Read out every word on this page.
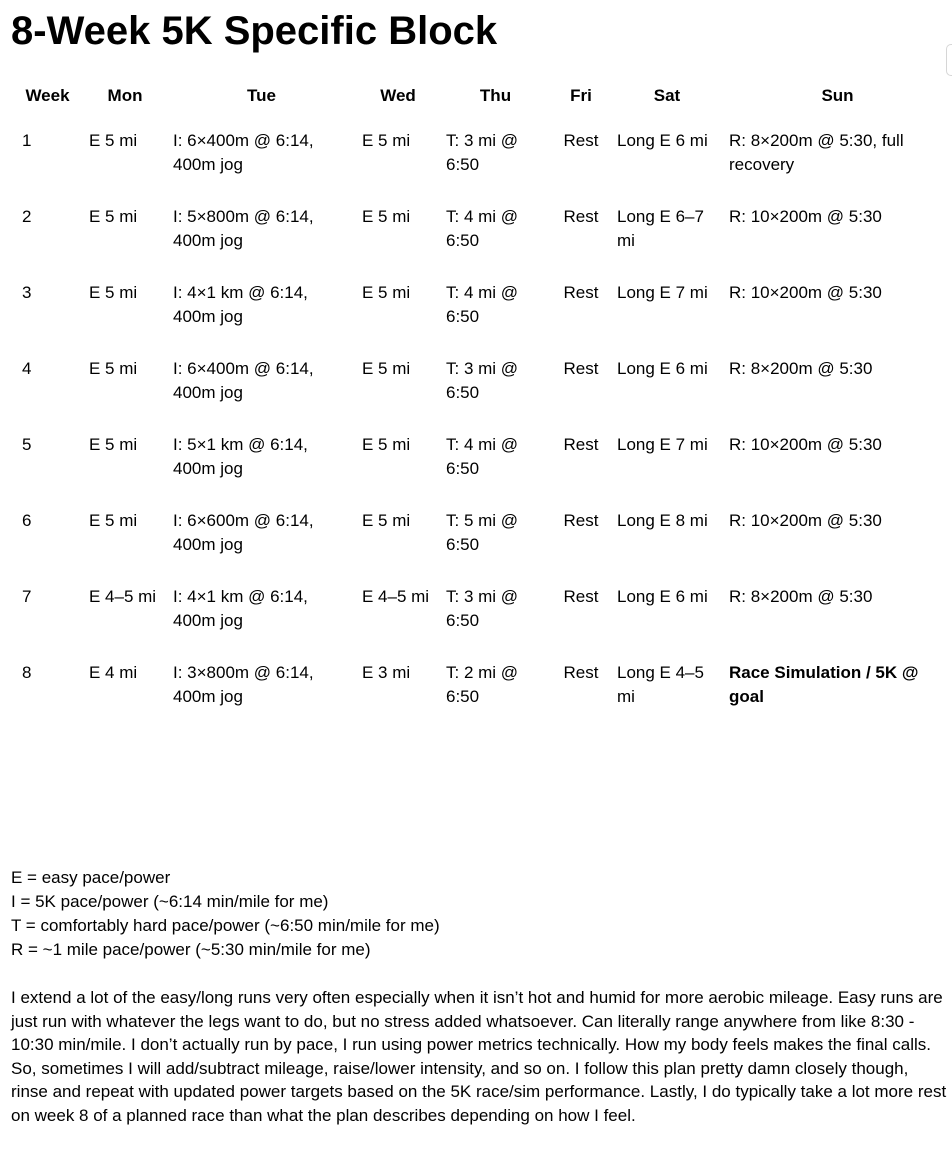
8-Week 5K Specific Block
Week	Mon	Tue	Wed	Thu	Fri	Sat	Sun
1	E 5 mi	I: 6×400m @ 6:14, 400m jog	E 5 mi	T: 3 mi @ 6:50	Rest	Long E 6 mi	R: 8×200m @ 5:30, full recovery
2	E 5 mi	I: 5×800m @ 6:14, 400m jog	E 5 mi	T: 4 mi @ 6:50	Rest	Long E 6–7 mi	R: 10×200m @ 5:30
3	E 5 mi	I: 4×1 km @ 6:14, 400m jog	E 5 mi	T: 4 mi @ 6:50	Rest	Long E 7 mi	R: 10×200m @ 5:30
4	E 5 mi	I: 6×400m @ 6:14, 400m jog	E 5 mi	T: 3 mi @ 6:50	Rest	Long E 6 mi	R: 8×200m @ 5:30
5	E 5 mi	I: 5×1 km @ 6:14, 400m jog	E 5 mi	T: 4 mi @ 6:50	Rest	Long E 7 mi	R: 10×200m @ 5:30
6	E 5 mi	I: 6×600m @ 6:14, 400m jog	E 5 mi	T: 5 mi @ 6:50	Rest	Long E 8 mi	R: 10×200m @ 5:30
7	E 4–5 mi	I: 4×1 km @ 6:14, 400m jog	E 4–5 mi	T: 3 mi @ 6:50	Rest	Long E 6 mi	R: 8×200m @ 5:30
8	E 4 mi	I: 3×800m @ 6:14, 400m jog	E 3 mi	T: 2 mi @ 6:50	Rest	Long E 4–5 mi	Race Simulation / 5K @ goal
E = easy pace/power
I = 5K pace/power (~6:14 min/mile for me)
T = comfortably hard pace/power (~6:50 min/mile for me)
R = ~1 mile pace/power (~5:30 min/mile for me)

I extend a lot of the easy/long runs very often especially when it isn’t hot and humid for more aerobic mileage. Easy runs are just run with whatever the legs want to do, but no stress added whatsoever. Can literally range anywhere from like 8:30 - 10:30 min/mile. I don’t actually run by pace, I run using power metrics technically. How my body feels makes the final calls. So, sometimes I will add/subtract mileage, raise/lower intensity, and so on. I follow this plan pretty damn closely though, rinse and repeat with updated power targets based on the 5K race/sim performance. Lastly, I do typically take a lot more rest on week 8 of a planned race than what the plan describes depending on how I feel.
